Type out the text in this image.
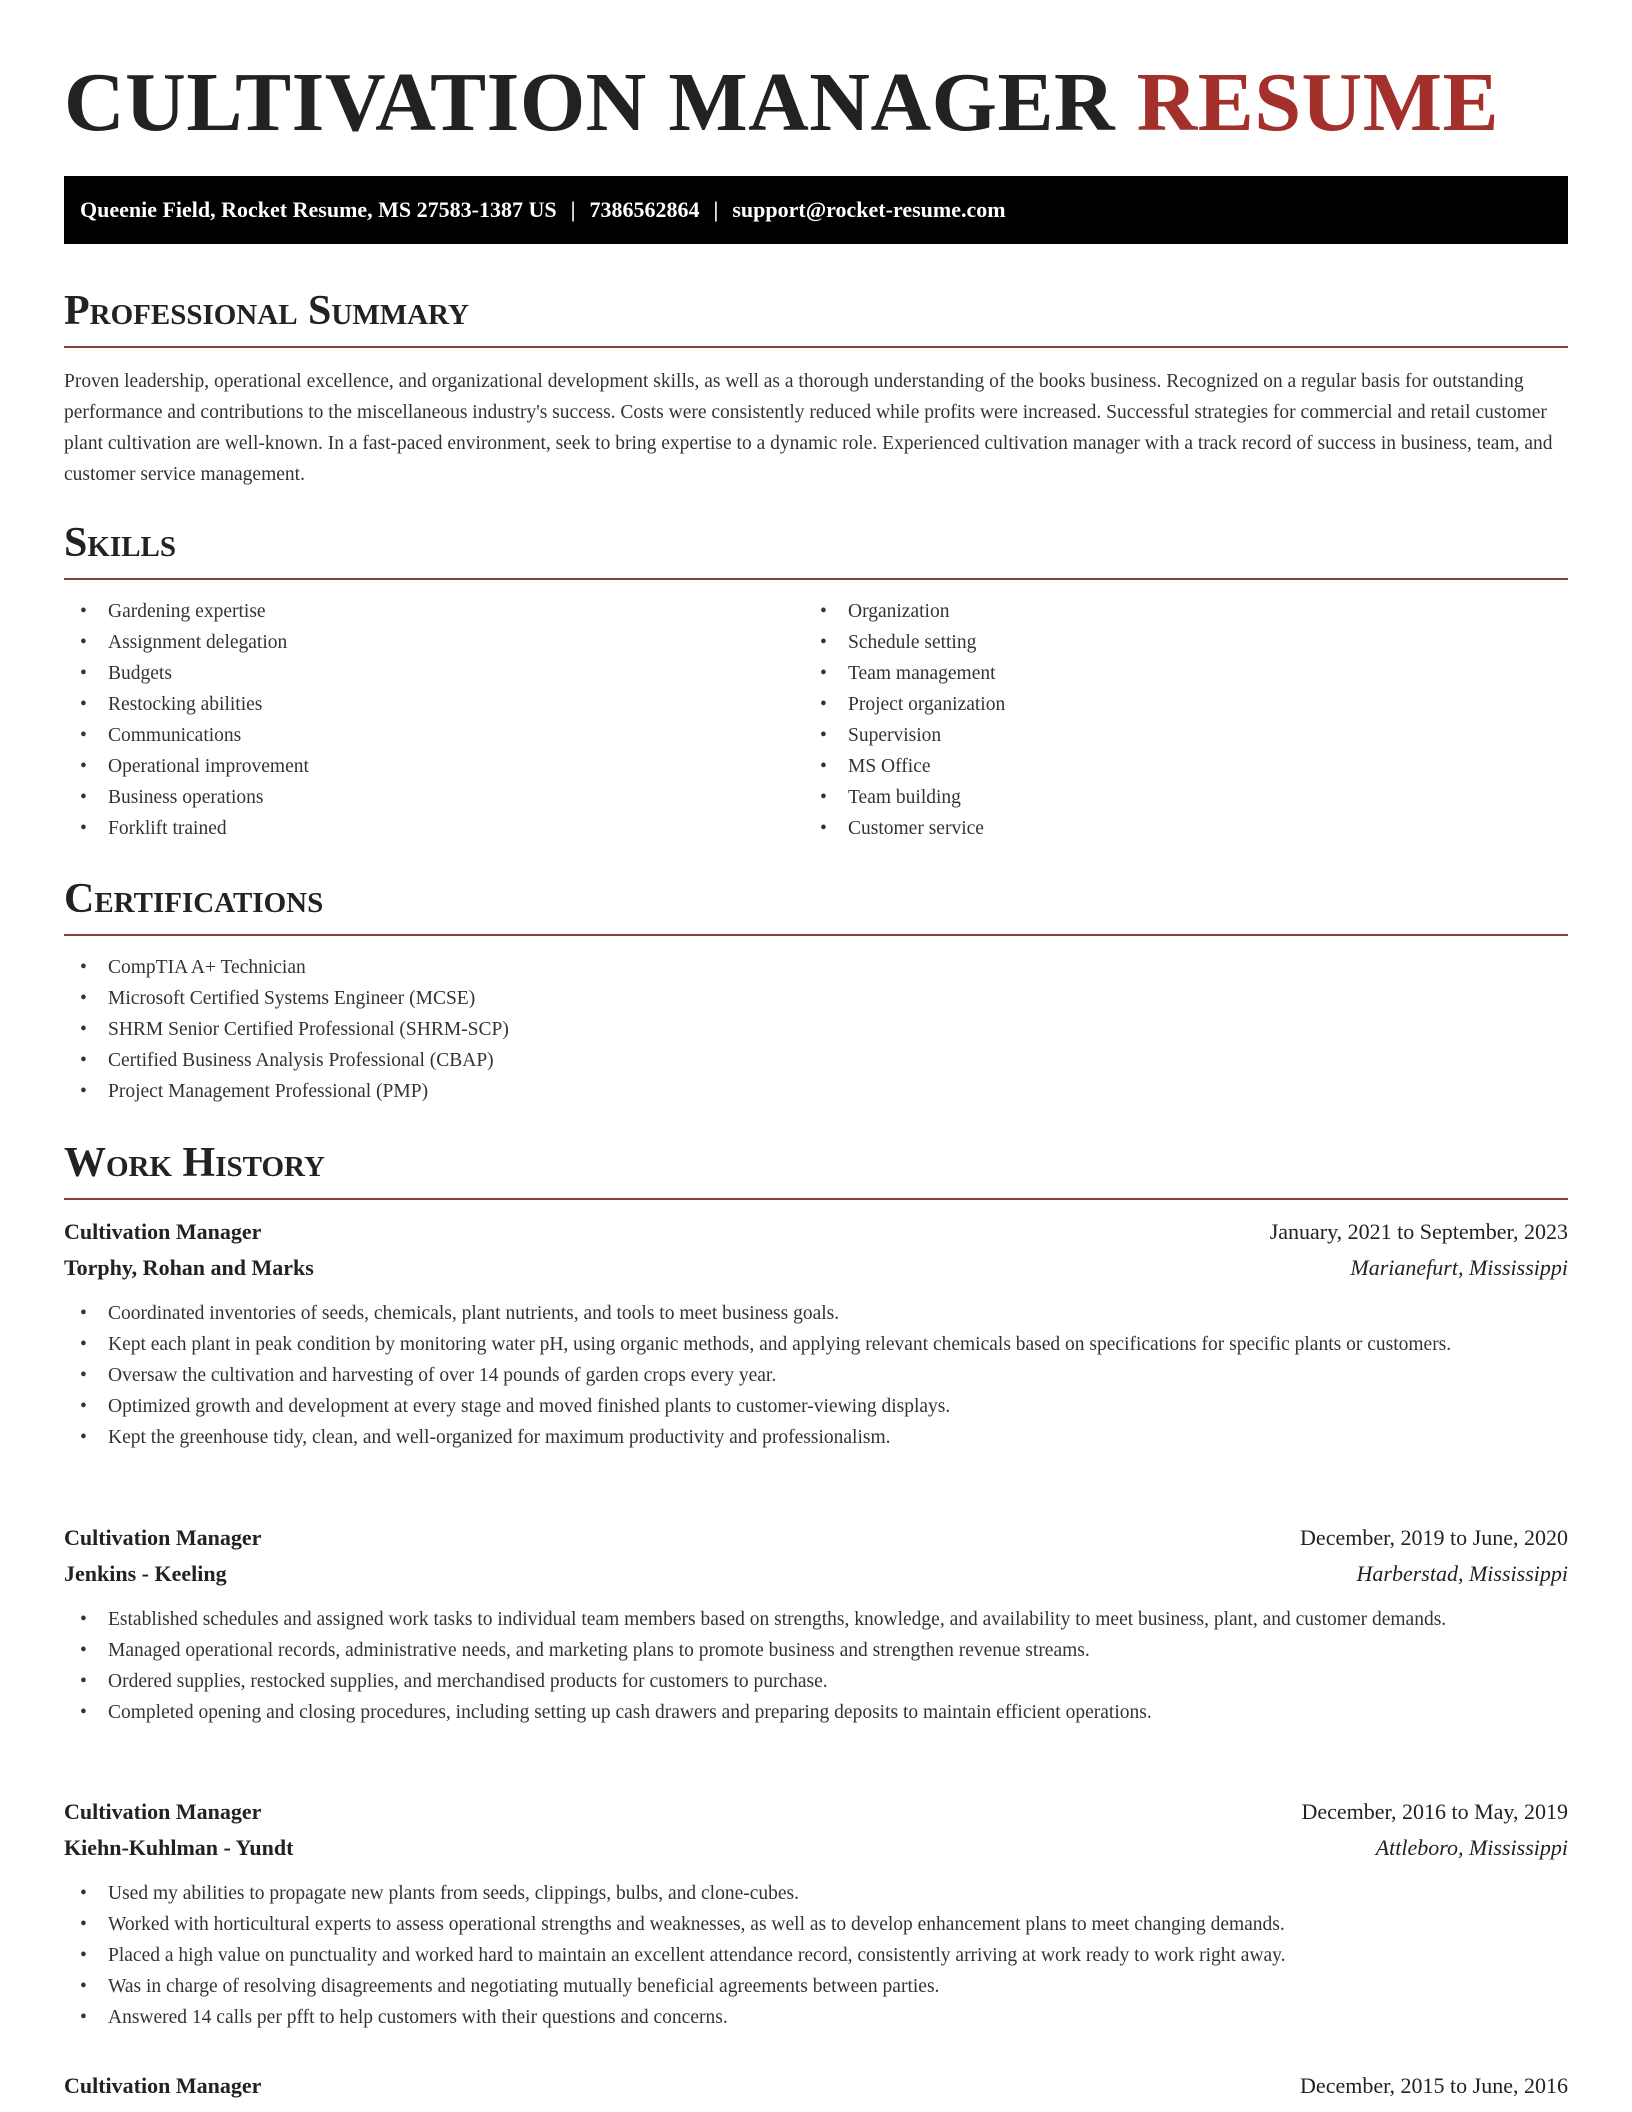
CULTIVATION MANAGER RESUME
Queenie Field, Rocket Resume, MS 27583-1387 US | 7386562864 | support@rocket-resume.com
Professional Summary

Proven leadership, operational excellence, and organizational development skills, as well as a thorough understanding of the books business. Recognized on a regular basis for outstanding performance and contributions to the miscellaneous industry's success. Costs were consistently reduced while profits were increased. Successful strategies for commercial and retail customer plant cultivation are well-known. In a fast-paced environment, seek to bring expertise to a dynamic role. Experienced cultivation manager with a track record of success in business, team, and customer service management.

Skills
• Gardening expertise
• Assignment delegation
• Budgets
• Restocking abilities
• Communications
• Operational improvement
• Business operations
• Forklift trained
• Organization
• Schedule setting
• Team management
• Project organization
• Supervision
• MS Office
• Team building
• Customer service
Certifications
• CompTIA A+ Technician
• Microsoft Certified Systems Engineer (MCSE)
• SHRM Senior Certified Professional (SHRM-SCP)
• Certified Business Analysis Professional (CBAP)
• Project Management Professional (PMP)
Work History
Cultivation Manager	January, 2021 to September, 2023
Torphy, Rohan and Marks	Marianefurt, Mississippi
• Coordinated inventories of seeds, chemicals, plant nutrients, and tools to meet business goals.
• Kept each plant in peak condition by monitoring water pH, using organic methods, and applying relevant chemicals based on specifications for specific plants or customers.
• Oversaw the cultivation and harvesting of over 14 pounds of garden crops every year.
• Optimized growth and development at every stage and moved finished plants to customer-viewing displays.
• Kept the greenhouse tidy, clean, and well-organized for maximum productivity and professionalism.
Cultivation Manager	December, 2019 to June, 2020
Jenkins - Keeling	Harberstad, Mississippi
• Established schedules and assigned work tasks to individual team members based on strengths, knowledge, and availability to meet business, plant, and customer demands.
• Managed operational records, administrative needs, and marketing plans to promote business and strengthen revenue streams.
• Ordered supplies, restocked supplies, and merchandised products for customers to purchase.
• Completed opening and closing procedures, including setting up cash drawers and preparing deposits to maintain efficient operations.
Cultivation Manager	December, 2016 to May, 2019
Kiehn-Kuhlman - Yundt	Attleboro, Mississippi
• Used my abilities to propagate new plants from seeds, clippings, bulbs, and clone-cubes.
• Worked with horticultural experts to assess operational strengths and weaknesses, as well as to develop enhancement plans to meet changing demands.
• Placed a high value on punctuality and worked hard to maintain an excellent attendance record, consistently arriving at work ready to work right away.
• Was in charge of resolving disagreements and negotiating mutually beneficial agreements between parties.
• Answered 14 calls per pfft to help customers with their questions and concerns.
Cultivation Manager	December, 2015 to June, 2016
